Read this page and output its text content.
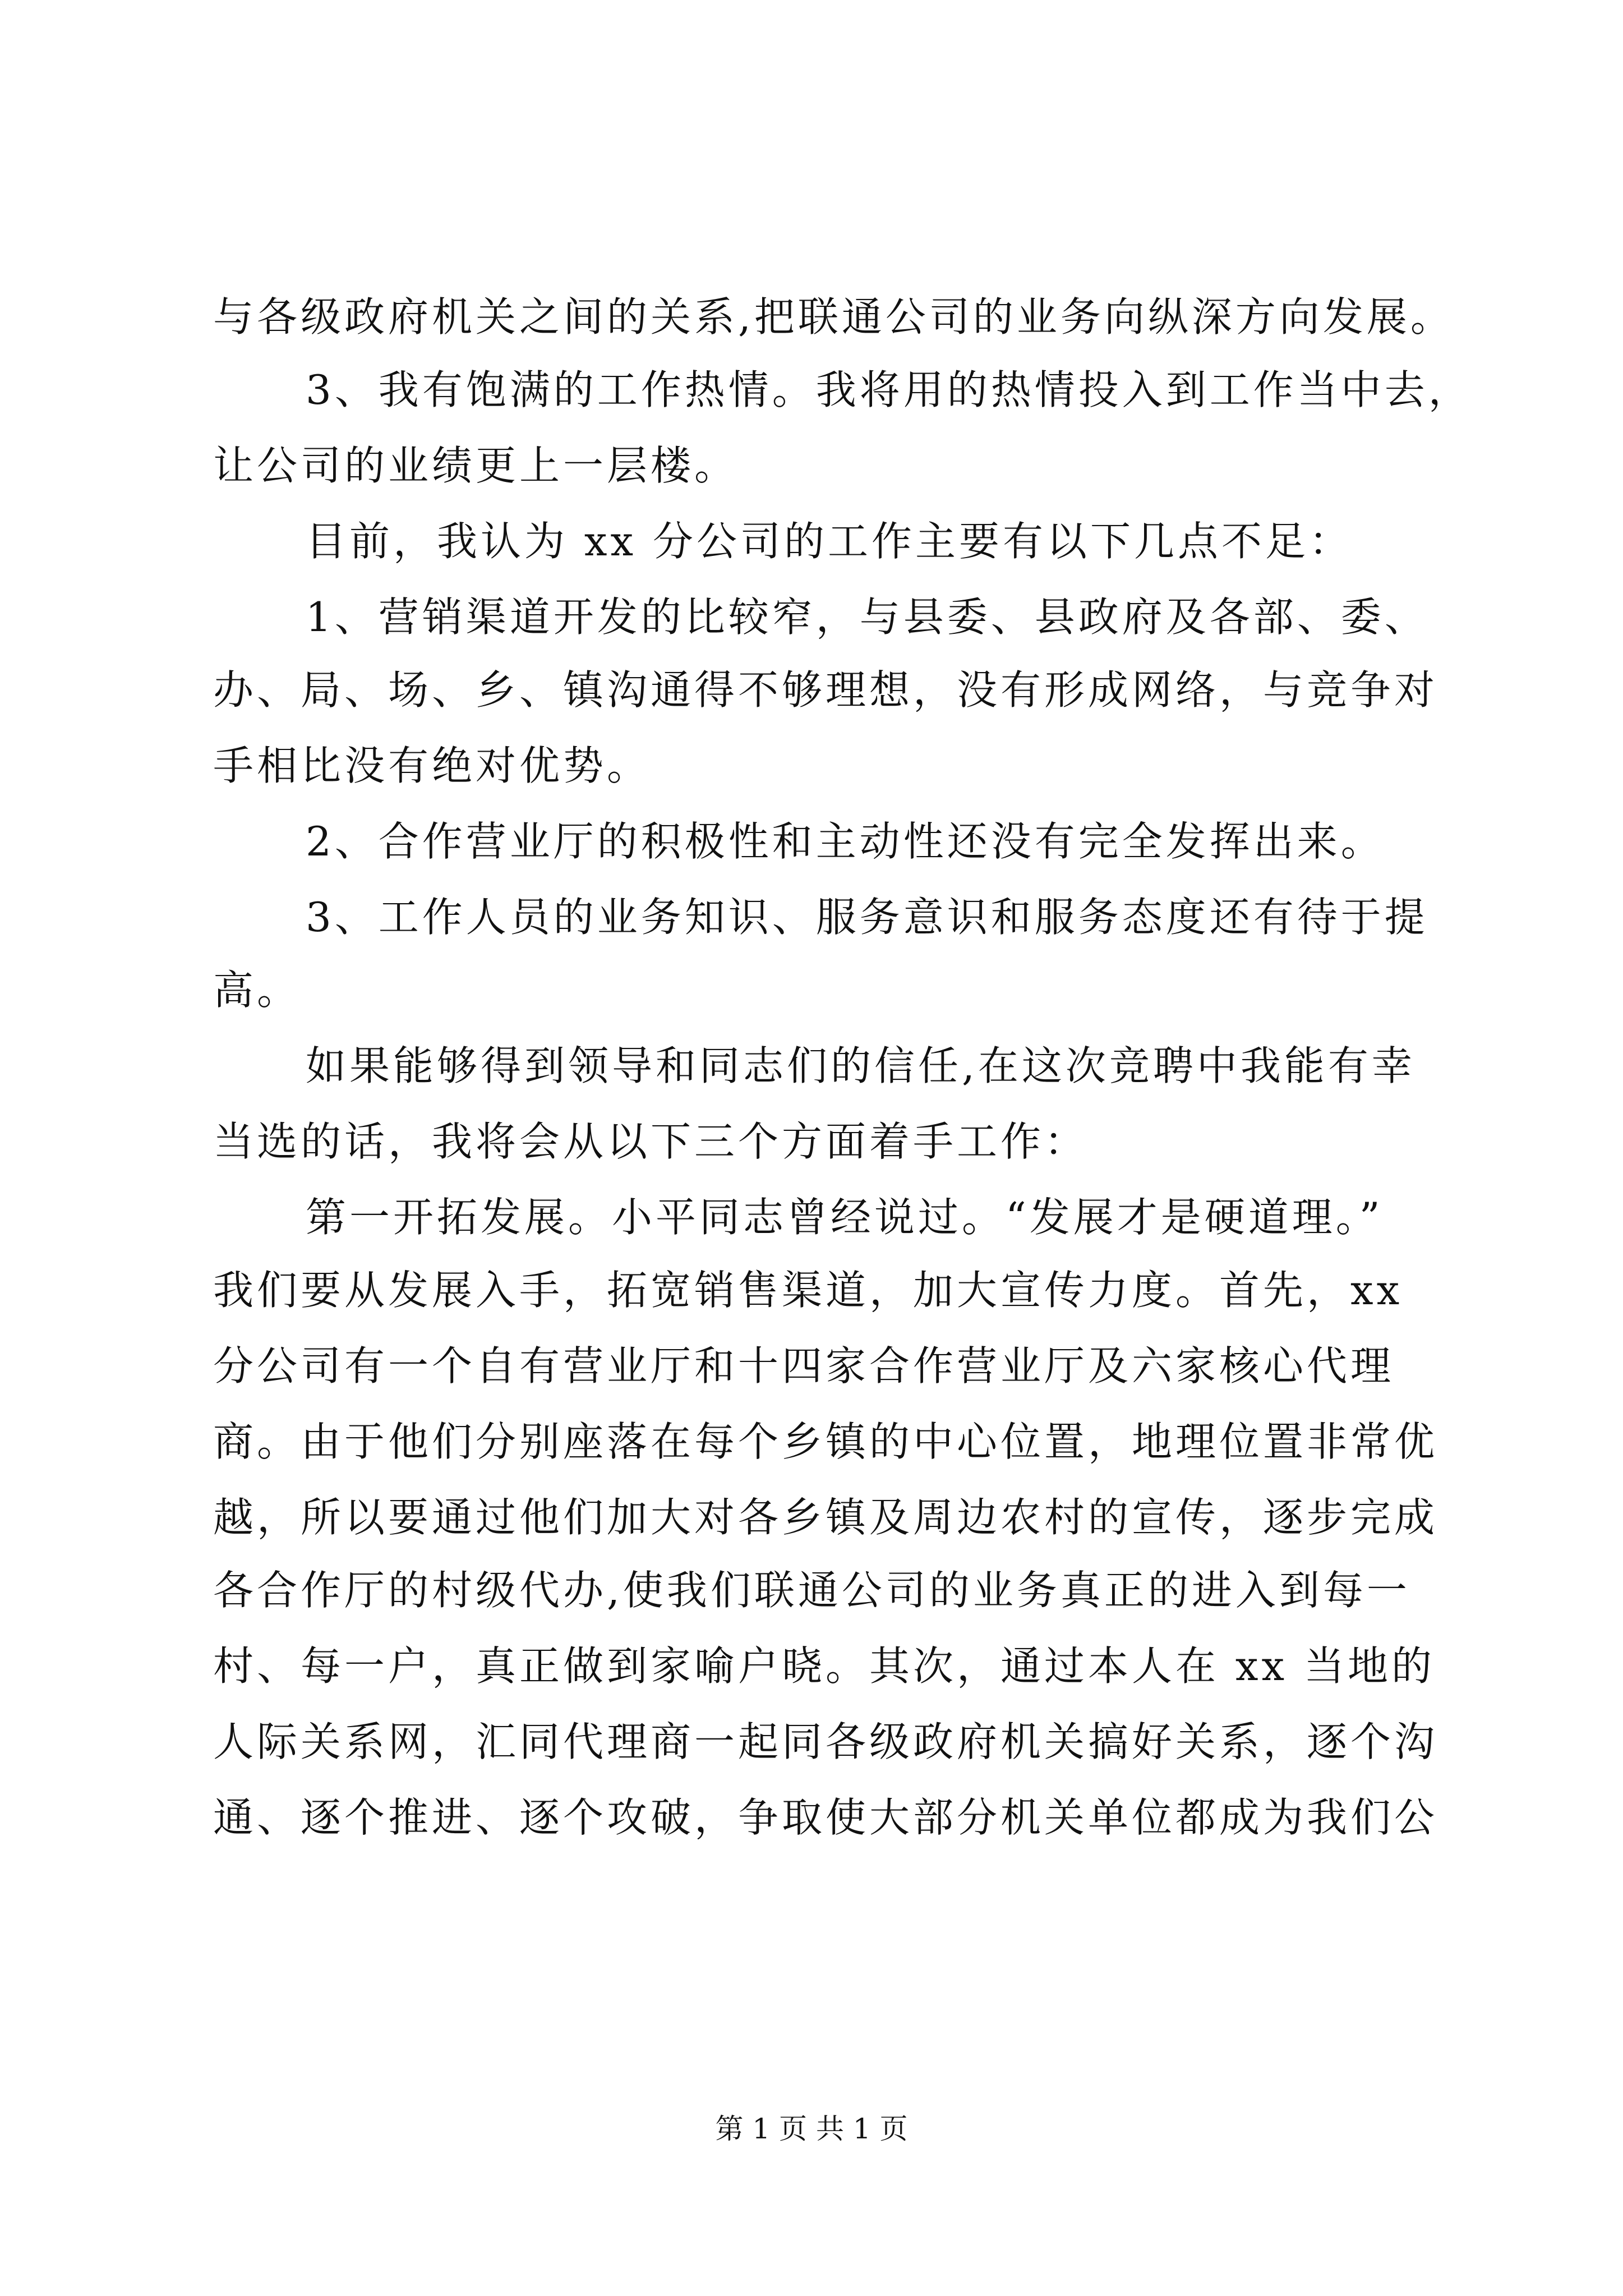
与各级政府机关之间的关系,把联通公司的业务向纵深方向发展。
3、我有饱满的工作热情。我将用的热情投入到工作当中去，
让公司的业绩更上一层楼。
目前，我认为 xx 分公司的工作主要有以下几点不足：
1、营销渠道开发的比较窄，与县委、县政府及各部、委、
办、局、场、乡、镇沟通得不够理想，没有形成网络，与竞争对
手相比没有绝对优势。
2、合作营业厅的积极性和主动性还没有完全发挥出来。
3、工作人员的业务知识、服务意识和服务态度还有待于提
高。
如果能够得到领导和同志们的信任,在这次竞聘中我能有幸
当选的话，我将会从以下三个方面着手工作：
第一开拓发展。小平同志曾经说过。“发展才是硬道理。”
我们要从发展入手，拓宽销售渠道，加大宣传力度。首先，xx
分公司有一个自有营业厅和十四家合作营业厅及六家核心代理
商。由于他们分别座落在每个乡镇的中心位置，地理位置非常优
越，所以要通过他们加大对各乡镇及周边农村的宣传，逐步完成
各合作厅的村级代办,使我们联通公司的业务真正的进入到每一
村、每一户，真正做到家喻户晓。其次，通过本人在 xx 当地的
人际关系网，汇同代理商一起同各级政府机关搞好关系，逐个沟
通、逐个推进、逐个攻破，争取使大部分机关单位都成为我们公
第 1 页 共 1 页
